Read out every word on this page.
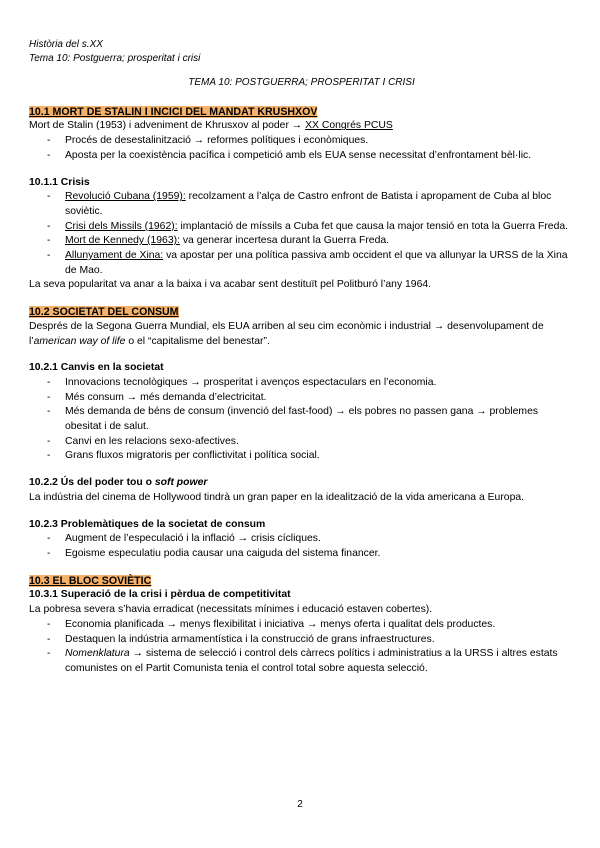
Història del s.XX
Tema 10: Postguerra; prosperitat i crisi
TEMA 10: POSTGUERRA; PROSPERITAT I CRISI
10.1 MORT DE STALIN I INCICI DEL MANDAT KRUSHXOV

Mort de Stalin (1953) i adveniment de Khrusxov al poder → XX Congrés PCUS

- Procés de desestalinització → reformes polítiques i econòmiques.
- Aposta per la coexistència pacífica i competició amb els EUA sense necessitat d’enfrontament bèl·lic.
10.1.1 Crisis
- Revolució Cubana (1959): recolzament a l’alça de Castro enfront de Batista i apropament de Cuba al bloc soviètic.
- Crisi dels Missils (1962): implantació de míssils a Cuba fet que causa la major tensió en tota la Guerra Freda.
- Mort de Kennedy (1963): va generar incertesa durant la Guerra Freda.
- Allunyament de Xina: va apostar per una política passiva amb occident el que va allunyar la URSS de la Xina de Mao.

La seva popularitat va anar a la baixa i va acabar sent destituït pel Politburó l’any 1964.

10.2 SOCIETAT DEL CONSUM

Després de la Segona Guerra Mundial, els EUA arriben al seu cim econòmic i industrial → desenvolupament de l’american way of life o el “capitalisme del benestar”.

10.2.1 Canvis en la societat
- Innovacions tecnològiques → prosperitat i avenços espectaculars en l’economia.
- Més consum → més demanda d’electricitat.
- Més demanda de béns de consum (invenció del fast-food) → els pobres no passen gana → problemes obesitat i de salut.
- Canvi en les relacions sexo-afectives.
- Grans fluxos migratoris per conflictivitat i política social.
10.2.2 Ús del poder tou o soft power

La indústria del cinema de Hollywood tindrà un gran paper en la idealització de la vida americana a Europa.

10.2.3 Problemàtiques de la societat de consum
- Augment de l’especulació i la inflació → crisis cícliques.
- Egoisme especulatiu podia causar una caiguda del sistema financer.
10.3 EL BLOC SOVIÈTIC
10.3.1 Superació de la crisi i pèrdua de competitivitat

La pobresa severa s’havia erradicat (necessitats mínimes i educació estaven cobertes).

- Economia planificada → menys flexibilitat i iniciativa → menys oferta i qualitat dels productes.
- Destaquen la indústria armamentística i la construcció de grans infraestructures.
- Nomenklatura → sistema de selecció i control dels càrrecs polítics i administratius a la URSS i altres estats comunistes on el Partit Comunista tenia el control total sobre aquesta selecció.
2
